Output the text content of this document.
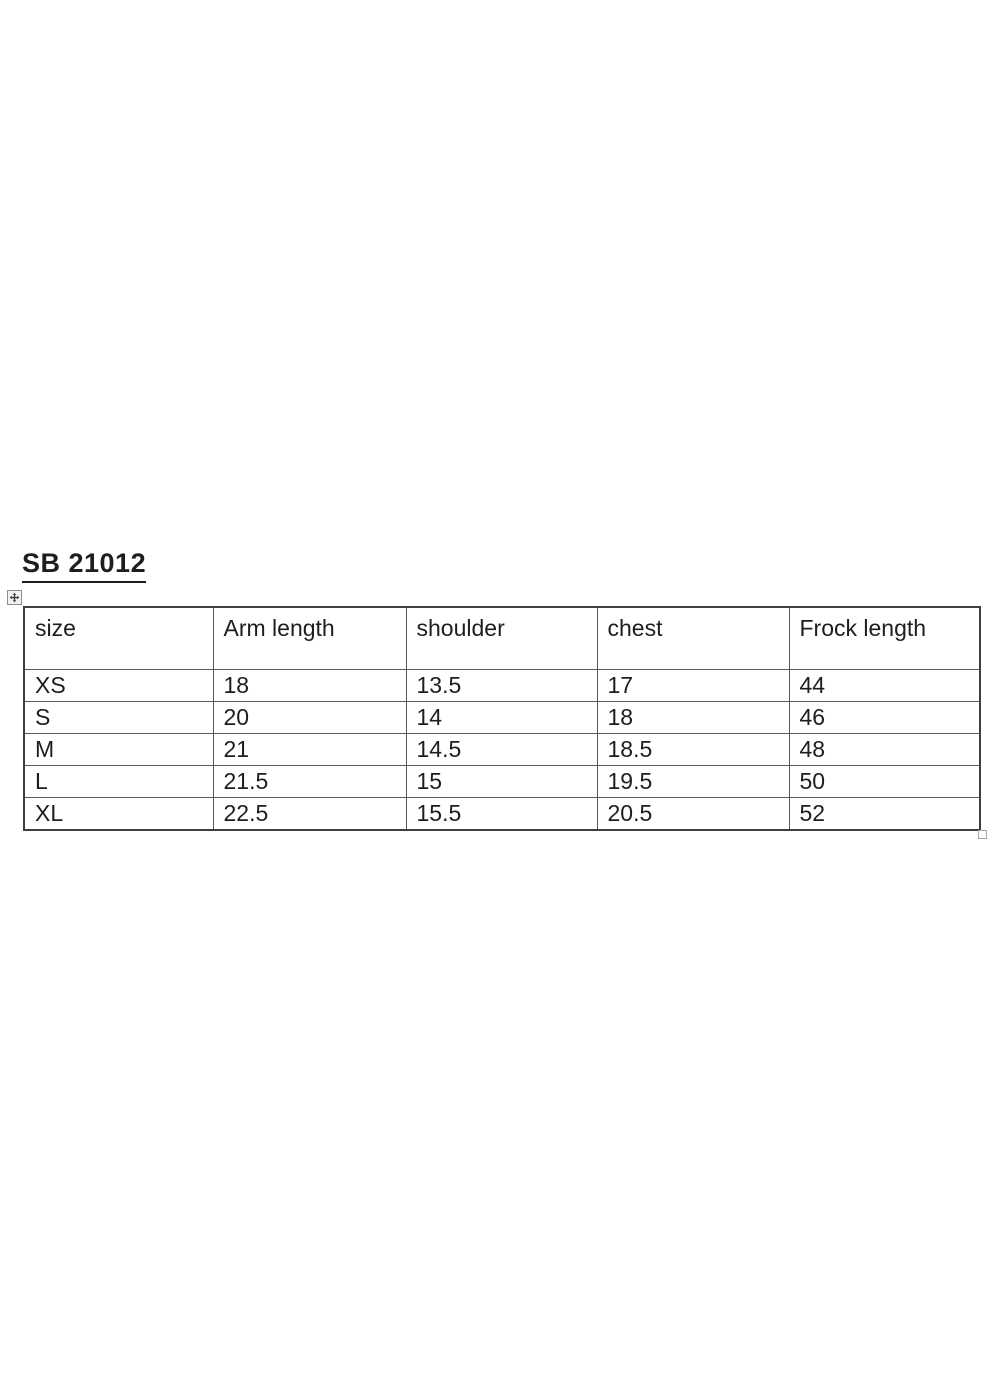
SB 21012
size	Arm length	shoulder	chest	Frock length
XS	18	13.5	17	44
S	20	14	18	46
M	21	14.5	18.5	48
L	21.5	15	19.5	50
XL	22.5	15.5	20.5	52
